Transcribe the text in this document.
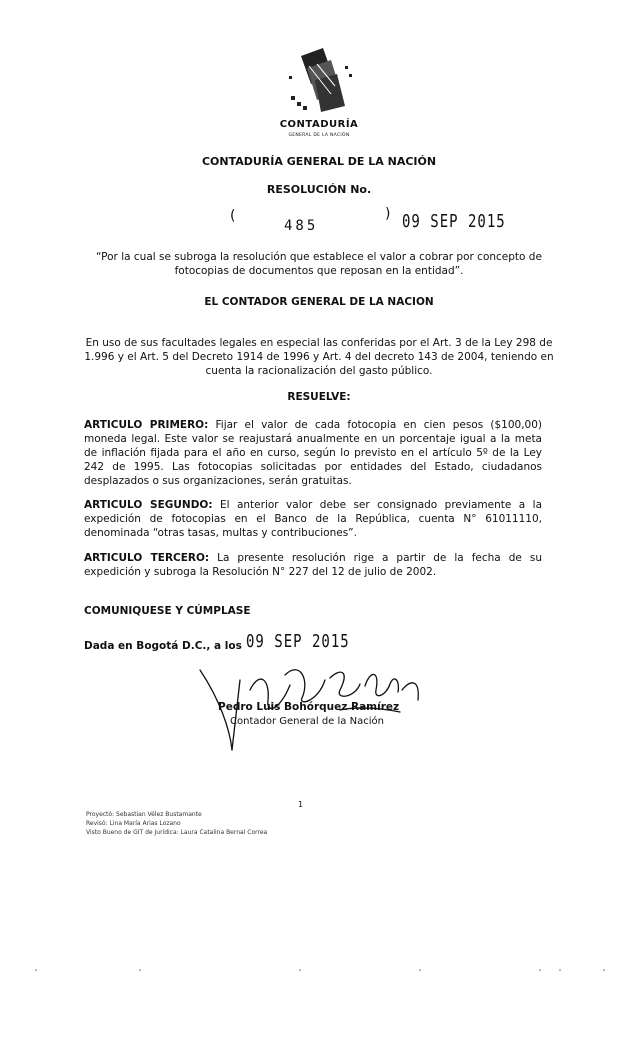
CONTADURÍA
GENERAL DE LA NACIÓN
CONTADURÍA GENERAL DE LA NACIÓN
RESOLUCIÓN No.
(
485
) 09 SEP 2015
“Por la cual se subroga la resolución que establece el valor a cobrar por concepto de fotocopias de documentos que reposan en la entidad”.
EL CONTADOR GENERAL DE LA NACION
En uso de sus facultades legales en especial las conferidas por el Art. 3 de la Ley 298 de 1.996 y el Art. 5 del Decreto 1914 de 1996 y Art. 4 del decreto 143 de 2004, teniendo en cuenta la racionalización del gasto público.
RESUELVE:
ARTICULO PRIMERO: Fijar el valor de cada fotocopia en cien pesos ($100,00) moneda legal. Este valor se reajustará anualmente en un porcentaje igual a la meta de inflación fijada para el año en curso, según lo previsto en el artículo 5º de la Ley 242 de 1995. Las fotocopias solicitadas por entidades del Estado, ciudadanos desplazados o sus organizaciones, serán gratuitas.
ARTICULO SEGUNDO: El anterior valor debe ser consignado previamente a la expedición de fotocopias en el Banco de la República, cuenta N° 61011110, denominada “otras tasas, multas y contribuciones”.
ARTICULO TERCERO: La presente resolución rige a partir de la fecha de su expedición y subroga la Resolución N° 227 del 12 de julio de 2002.
COMUNIQUESE Y CÚMPLASE
Dada en Bogotá D.C., a los 09 SEP 2015
Pedro Luis Bohórquez Ramírez
Contador General de la Nación
1
Proyectó: Sebastian Vélez Bustamante
Revisó: Lina María Arias Lozano
Visto Bueno de GIT de Jurídica: Laura Catalina Bernal Correa
